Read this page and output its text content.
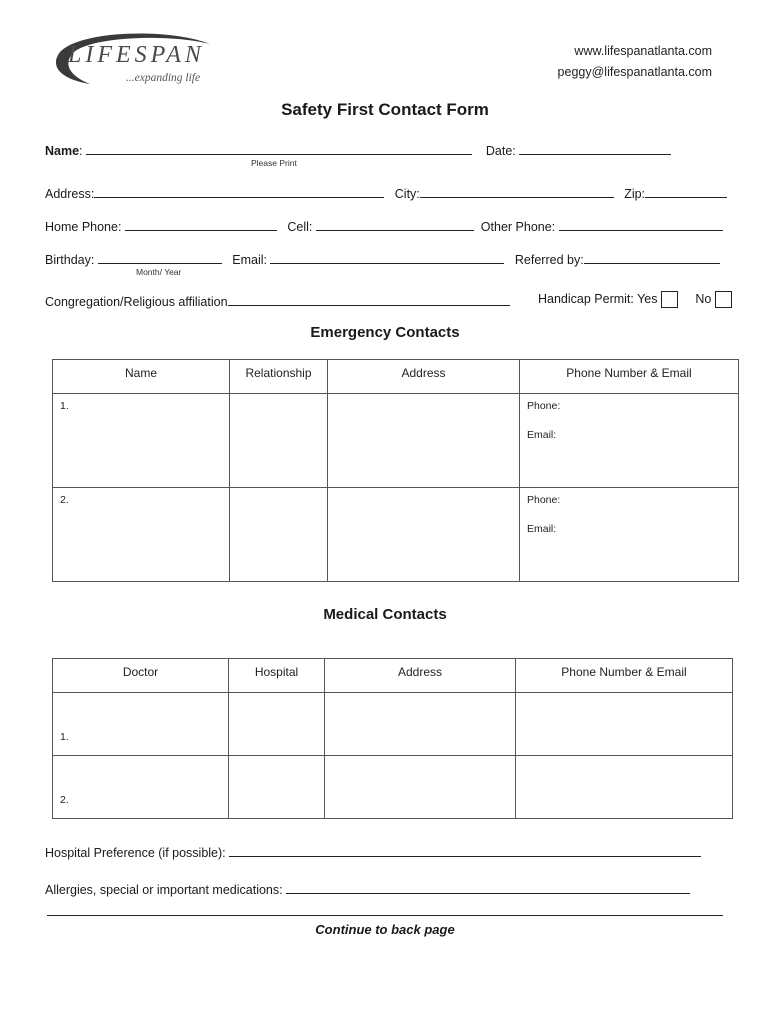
LIFESPAN
...expanding life
www.lifespanatlanta.com
peggy@lifespanatlanta.com
Safety First Contact Form
Name:	Date:
Please Print
Address:	City:	Zip:
Home Phone:	Cell:	Other Phone:
Birthday:	Email:	Referred by:
Month/ Year
Congregation/Religious affiliation	Handicap Permit: Yes	No
Emergency Contacts
Name	Relationship	Address	Phone Number & Email

1.			Phone:
Email:

2.			Phone:
Email:
Medical Contacts
Doctor	Hospital	Address	Phone Number & Email

1.			

2.			

Hospital Preference (if possible):
Allergies, special or important medications:
Continue to back page
